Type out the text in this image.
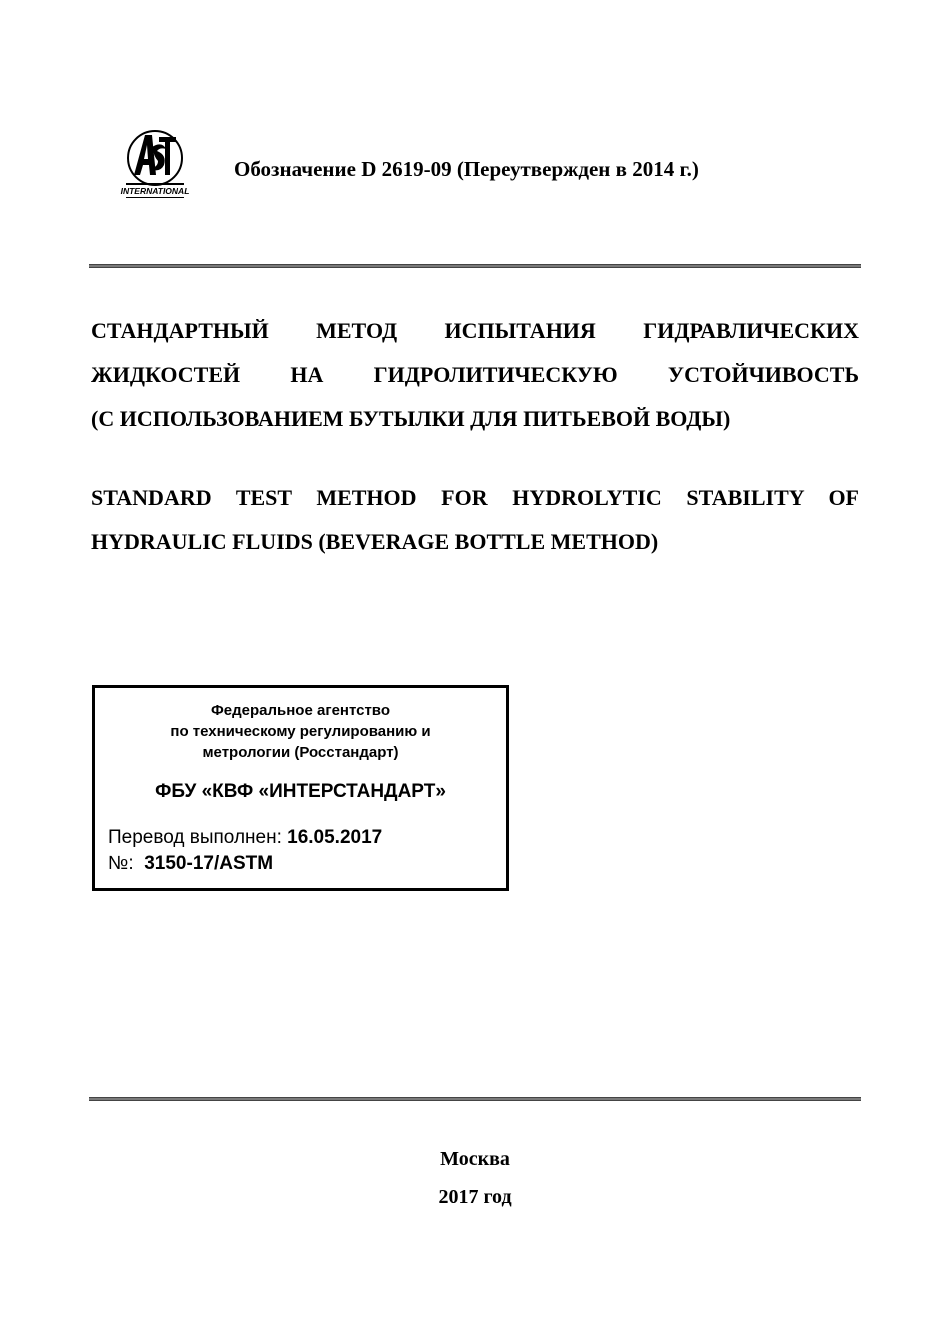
INTERNATIONAL
Обозначение D 2619-09 (Переутвержден в 2014 г.)
СТАНДАРТНЫЙ МЕТОД ИСПЫТАНИЯ ГИДРАВЛИЧЕСКИХ
ЖИДКОСТЕЙ НА ГИДРОЛИТИЧЕСКУЮ УСТОЙЧИВОСТЬ
(С ИСПОЛЬЗОВАНИЕМ БУТЫЛКИ ДЛЯ ПИТЬЕВОЙ ВОДЫ)
STANDARD TEST METHOD FOR HYDROLYTIC STABILITY OF
HYDRAULIC FLUIDS (BEVERAGE BOTTLE METHOD)
Федеральное агентство
по техническому регулированию и
метрологии (Росстандарт)
ФБУ «КВФ «ИНТЕРСТАНДАРТ»
Перевод выполнен: 16.05.2017
№: 3150-17/ASTM
Москва
2017 год
